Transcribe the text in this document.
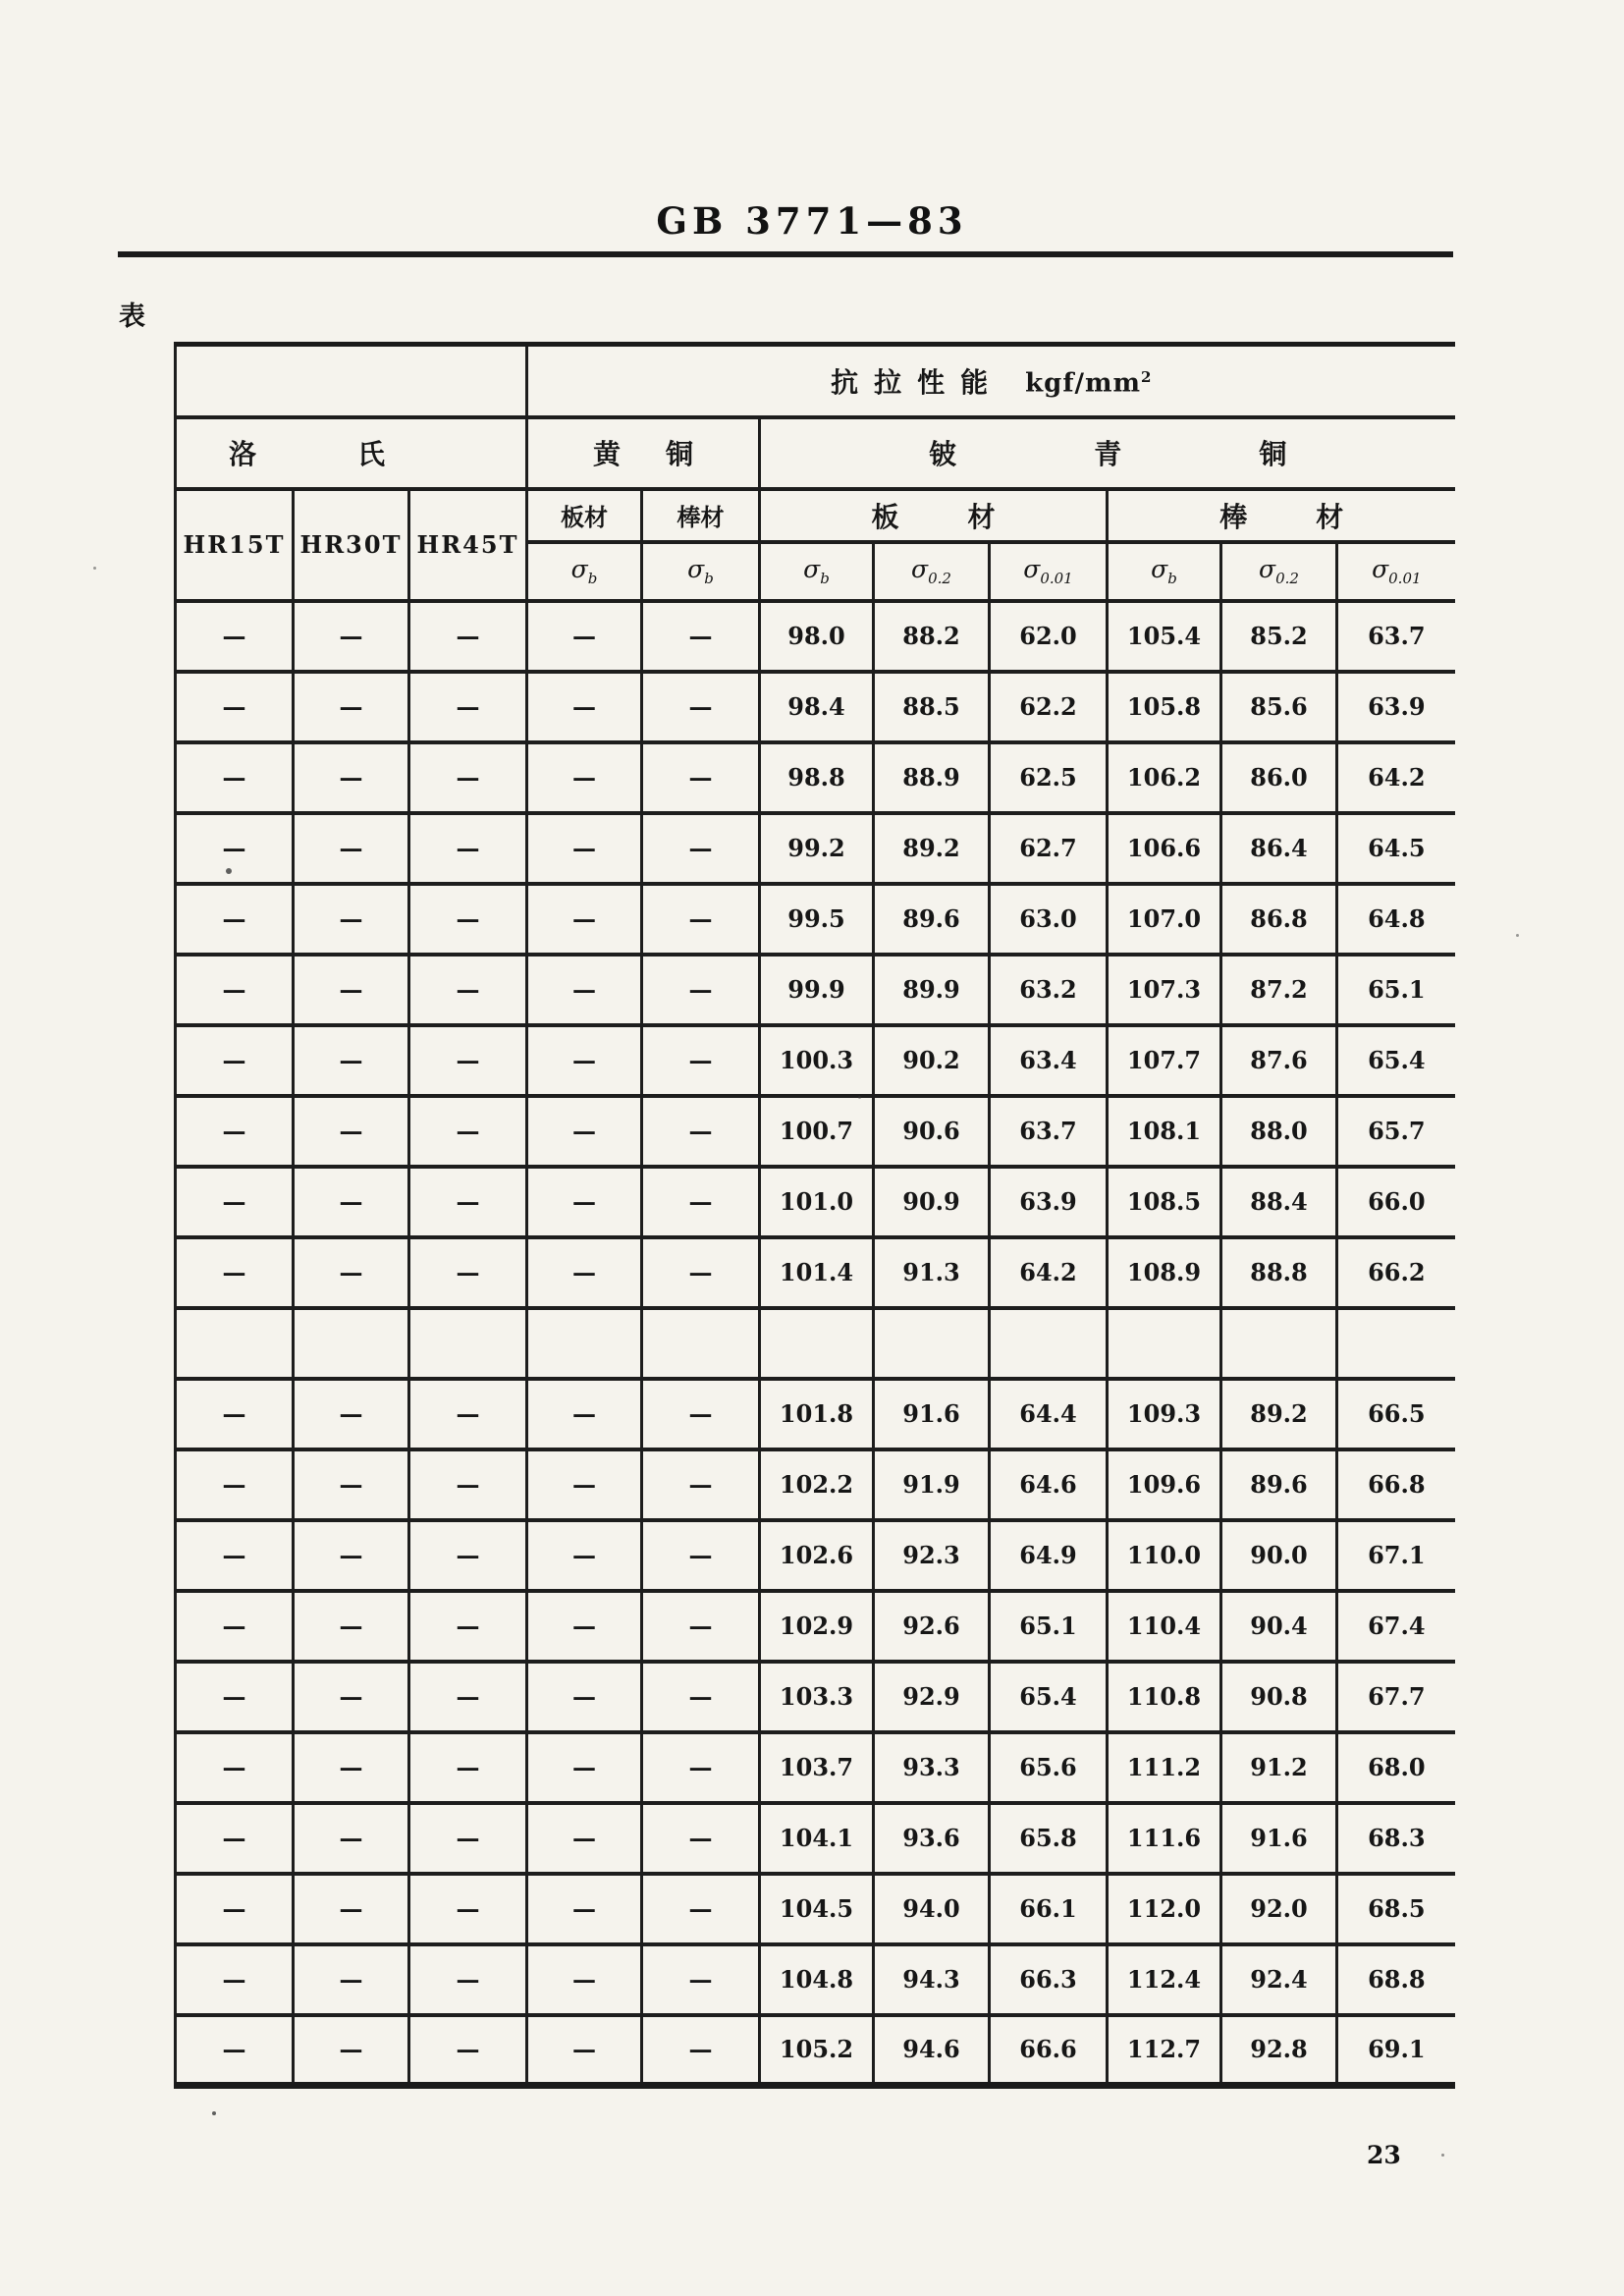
GB 3771—83
表

			抗拉性能 kgf/$mm^2$

洛 氏			黄 铜		铍 青 铜					

HR15T	HR30T	HR45T	板材	棒材	板 材			棒 材		

			$\sigma_b$	$\sigma_b$	$\sigma_b$	$\sigma_{0.2}$	$\sigma_{0.01}$	$\sigma_b$	$\sigma_{0.2}$	$\sigma_{0.01}$
—	—	—	—	—	98.0	88.2	62.0	105.4	85.2	63.7
—	—	—	—	—	98.4	88.5	62.2	105.8	85.6	63.9
—	—	—	—	—	98.8	88.9	62.5	106.2	86.0	64.2
—	—	—	—	—	99.2	89.2	62.7	106.6	86.4	64.5
—	—	—	—	—	99.5	89.6	63.0	107.0	86.8	64.8
—	—	—	—	—	99.9	89.9	63.2	107.3	87.2	65.1
—	—	—	—	—	100.3	90.2	63.4	107.7	87.6	65.4
—	—	—	—	—	100.7	90.6	63.7	108.1	88.0	65.7
—	—	—	—	—	101.0	90.9	63.9	108.5	88.4	66.0
—	—	—	—	—	101.4	91.3	64.2	108.9	88.8	66.2

—	—	—	—	—	101.8	91.6	64.4	109.3	89.2	66.5
—	—	—	—	—	102.2	91.9	64.6	109.6	89.6	66.8
—	—	—	—	—	102.6	92.3	64.9	110.0	90.0	67.1
—	—	—	—	—	102.9	92.6	65.1	110.4	90.4	67.4
—	—	—	—	—	103.3	92.9	65.4	110.8	90.8	67.7
—	—	—	—	—	103.7	93.3	65.6	111.2	91.2	68.0
—	—	—	—	—	104.1	93.6	65.8	111.6	91.6	68.3
—	—	—	—	—	104.5	94.0	66.1	112.0	92.0	68.5
—	—	—	—	—	104.8	94.3	66.3	112.4	92.4	68.8
—	—	—	—	—	105.2	94.6	66.6	112.7	92.8	69.1
23
